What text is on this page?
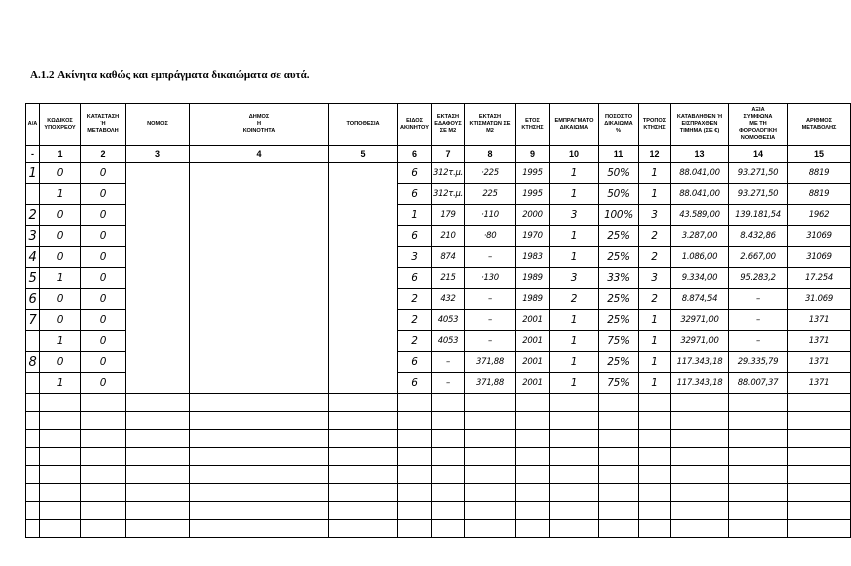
A.1.2 Ακίνητα καθώς και εμπράγματα δικαιώματα σε αυτά.
Α/Α	ΚΩΔΙΚΟΣ
ΥΠΟΧΡΕΟΥ	ΚΑΤΑΣΤΑΣΗ
Ή
ΜΕΤΑΒΟΛΗ	ΝΟΜΟΣ	ΔΗΜΟΣ
Η
ΚΟΙΝΟΤΗΤΑ	ΤΟΠΟΘΕΣΙΑ	ΕΙΔΟΣ
ΑΚΙΝΗΤΟΥ	ΕΚΤΑΣΗ
ΕΔΑΦΟΥΣ
ΣΕ Μ2	ΕΚΤΑΣΗ
ΚΤΙΣΜΑΤΩΝ ΣΕ
Μ2	ΕΤΟΣ
ΚΤΗΣΗΣ	ΕΜΠΡΑΓΜΑΤΟ
ΔΙΚΑΙΩΜΑ	ΠΟΣΟΣΤΟ
ΔΙΚΑΙΩΜΑ
%	ΤΡΟΠΟΣ
ΚΤΗΣΗΣ	ΚΑΤΑΒΛΗΘΕΝ Ή
ΕΙΣΠΡΑΧΘΕΝ
ΤΙΜΗΜΑ (ΣΕ €)	ΑΞΙΑ
ΣΥΜΦΩΝΑ
ΜΕ ΤΗ
ΦΟΡΟΛΟΓΙΚΗ
ΝΟΜΟΘΕΣΙΑ	ΑΡΙΘΜΟΣ
ΜΕΤΑΒΟΛΗΣ
-	1	2	3	4	5	6	7	8	9	10	11	12	13	14	15
1	0	0				6	312τ.μ.	·225	1995	1	50%	1	88.041,00	93.271,50	8819
	1	0				6	312τ.μ.	225	1995	1	50%	1	88.041,00	93.271,50	8819
2	0	0				1	179	·110	2000	3	100%	3	43.589,00	139.181,54	1962
3	0	0				6	210	·80	1970	1	25%	2	3.287,00	8.432,86	31069
4	0	0				3	874	–	1983	1	25%	2	1.086,00	2.667,00	31069
5	1	0				6	215	·130	1989	3	33%	3	9.334,00	95.283,2	17.254
6	0	0				2	432	–	1989	2	25%	2	8.874,54	–	31.069
7	0	0				2	4053	–	2001	1	25%	1	32971,00	–	1371
	1	0				2	4053	–	2001	1	75%	1	32971,00	–	1371
8	0	0				6	–	371,88	2001	1	25%	1	117.343,18	29.335,79	1371
	1	0				6	–	371,88	2001	1	75%	1	117.343,18	88.007,37	1371
